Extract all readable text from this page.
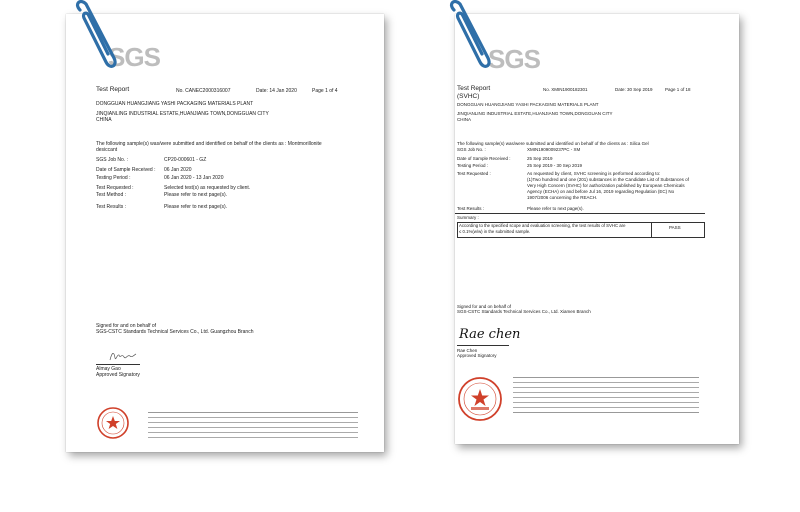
SGS
Test Report	No. CANEC2000316007	Date: 14 Jan 2020	Page 1 of 4
DONGGUAN HUANGJIANG YASHI PACKAGING MATERIALS PLANT
JINQIANLING INDUSTRIAL ESTATE,HUANJIANG TOWN,DONGGUAN CITY
CHINA
The following sample(s) was/were submitted and identified on behalf of the clients as : Montmorillonite
desiccant
SGS Job No. :	CP20-000601 - GZ
Date of Sample Received : 06 Jan 2020
Testing Period :	06 Jan 2020 - 13 Jan 2020
Test Requested :	Selected test(s) as requested by client.
Test Method :	Please refer to next page(s).
Test Results :	Please refer to next page(s).
Signed for and on behalf of
SGS-CSTC Standards Technical Services Co., Ltd. Guangzhou Branch
Almay Gao
Approved Signatory
SGS
Test Report
(SVHC)
No. XMIN1900182301	Date: 30 Sep 2019	Page 1 of 18
DONGGUAN HUANGJIANG YASHI PACKAGING MATERIALS PLANT
JINQIANLING INDUSTRIAL ESTATE,HUANJIANG TOWN,DONGGUAN CITY
CHINA
The following sample(s) was/were submitted and identified on behalf of the clients as : Silica Gel
SGS Job No. :	XMIN1909009237PC - XM
Date of Sample Received :	25 Sep 2019
Testing Period :	25 Sep 2019 - 30 Sep 2019
Test Requested :	As requested by client, SVHC screening is performed according to:
(1)Two hundred and one (201) substances in the Candidate List of Substances of
Very High Concern (SVHC) for authorization published by European Chemicals
Agency (ECHA) on and before Jul 16, 2019 regarding Regulation (EC) No
1907/2006 concerning the REACH.
Test Results :	Please refer to next page(s).
Summary :
According to the specified scope and evaluation screening, the test results of SVHC are
≤ 0.1%(w/w) in the submitted sample.
PASS
Signed for and on behalf of
SGS-CSTC Standards Technical Services Co., Ltd. Xiamen Branch
Rae chen
Rae Chen
Approved Signatory
